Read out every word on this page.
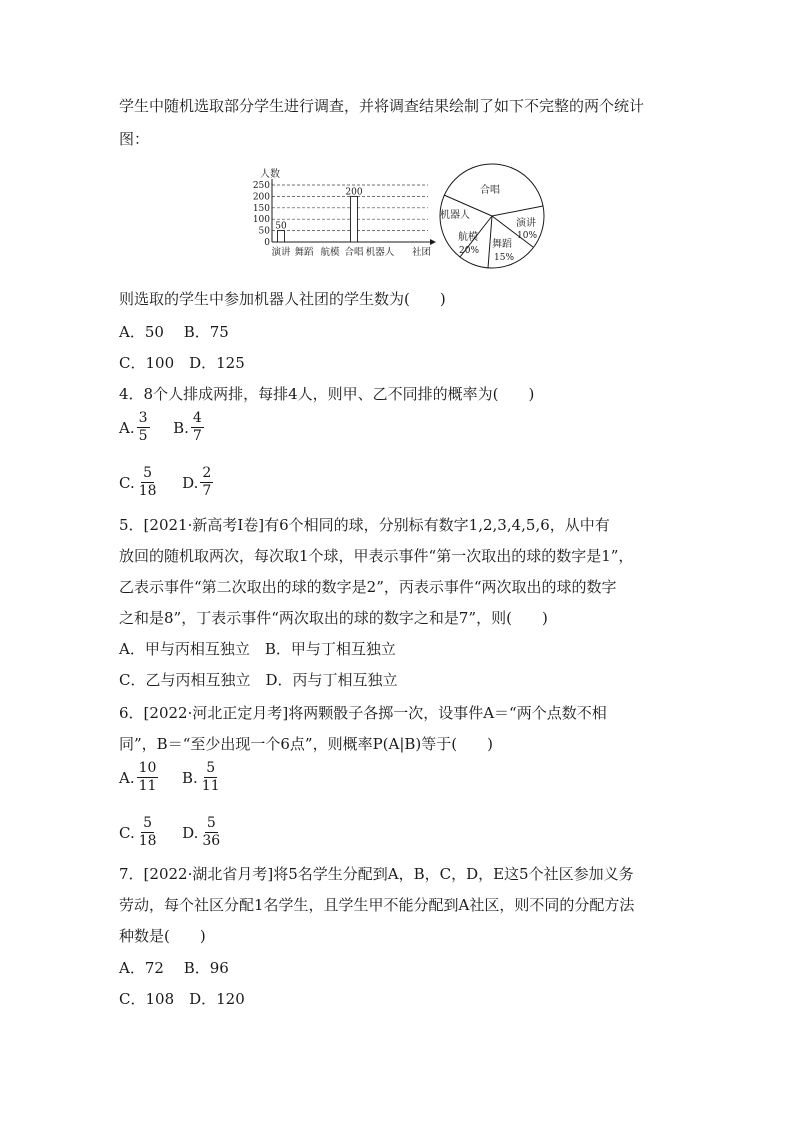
学生中随机选取部分学生进行调查，并将调查结果绘制了如下不完整的两个统计
图：
人数
250
200
150
100
50
0
50
200
演讲 舞蹈 航模 合唱 机器人 社团
合唱
机器人
航模
20%
舞蹈
15%
演讲
10%
则选取的学生中参加机器人社团的学生数为(　　)
A．50　 B．75
C．100　D．125
4．8个人排成两排，每排4人，则甲、乙不同排的概率为(　　)
A. $\frac{3}{5} B$. $\frac{4}{7}$
C. $\frac{5}{18} D$. $\frac{2}{7}$
5．[2021·新高考Ⅰ卷]有6个相同的球，分别标有数字1,2,3,4,5,6，从中有
放回的随机取两次，每次取1个球，甲表示事件“第一次取出的球的数字是1”，
乙表示事件“第二次取出的球的数字是2”，丙表示事件“两次取出的球的数字
之和是8”，丁表示事件“两次取出的球的数字之和是7”，则(　　)
A．甲与丙相互独立　B．甲与丁相互独立
C．乙与丙相互独立　D．丙与丁相互独立
6．[2022·河北正定月考]将两颗骰子各掷一次，设事件A＝“两个点数不相
同”，B＝“至少出现一个6点”，则概率P(A|B)等于(　　)
A. $\frac{10}{11} B$. $\frac{5}{11}$
C. $\frac{5}{18} D$. $\frac{5}{36}$
7．[2022·湖北省月考]将5名学生分配到A，B，C，D，E这5个社区参加义务
劳动，每个社区分配1名学生，且学生甲不能分配到A社区，则不同的分配方法
种数是(　　)
A．72　 B．96
C．108　D．120
